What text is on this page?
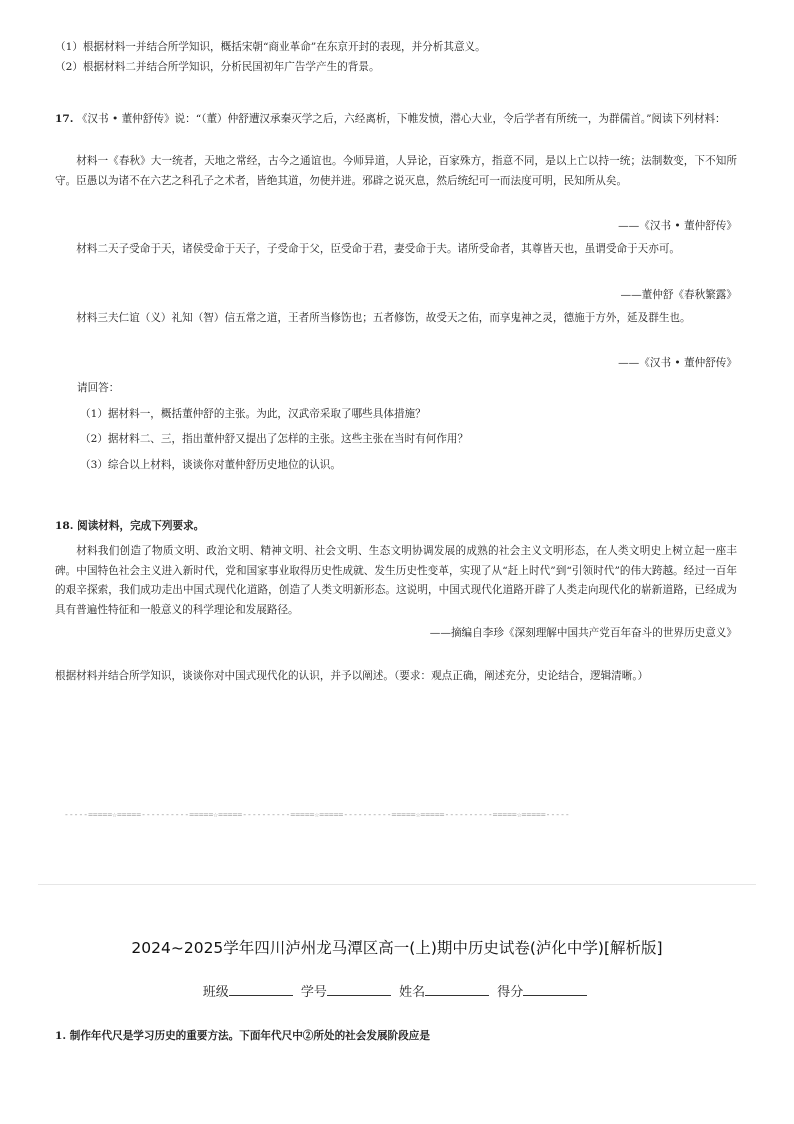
（1）根据材料一并结合所学知识，概括宋朝“商业革命”在东京开封的表现，并分析其意义。
（2）根据材料二并结合所学知识，分析民国初年广告学产生的背景。
17. 《汉书 • 董仲舒传》说：“（董）仲舒遭汉承秦灭学之后，六经离析，下帷发愤，潜心大业，令后学者有所统一，为群儒首。”阅读下列材料：
材料一《春秋》大一统者，天地之常经，古今之通谊也。今师异道，人异论，百家殊方，指意不同，是以上亡以持一统；法制数变，下不知所守。臣愚以为诸不在六艺之科孔子之术者，皆绝其道，勿使并进。邪辟之说灭息，然后统纪可一而法度可明，民知所从矣。
——《汉书 • 董仲舒传》
材料二天子受命于天，诸侯受命于天子，子受命于父，臣受命于君，妻受命于夫。诸所受命者，其尊皆天也，虽谓受命于天亦可。
——董仲舒《春秋繁露》
材料三夫仁谊（义）礼知（智）信五常之道，王者所当修饬也；五者修饬，故受天之佑，而享鬼神之灵，德施于方外，延及群生也。
——《汉书 • 董仲舒传》
请回答：
（1）据材料一，概括董仲舒的主张。为此，汉武帝采取了哪些具体措施？
（2）据材料二、三，指出董仲舒又提出了怎样的主张。这些主张在当时有何作用？
（3）综合以上材料，谈谈你对董仲舒历史地位的认识。
18. 阅读材料，完成下列要求。
材料我们创造了物质文明、政治文明、精神文明、社会文明、生态文明协调发展的成熟的社会主义文明形态，在人类文明史上树立起一座丰碑。中国特色社会主义进入新时代，党和国家事业取得历史性成就、发生历史性变革，实现了从“赶上时代”到“引领时代”的伟大跨越。经过一百年的艰辛探索，我们成功走出中国式现代化道路，创造了人类文明新形态。这说明，中国式现代化道路开辟了人类走向现代化的崭新道路，已经成为具有普遍性特征和一般意义的科学理论和发展路径。
——摘编自李珍《深刻理解中国共产党百年奋斗的世界历史意义》
根据材料并结合所学知识，谈谈你对中国式现代化的认识，并予以阐述。（要求：观点正确，阐述充分，史论结合，逻辑清晰。）
-----=====☆=====----------=====☆=====----------=====☆=====----------=====☆=====----------=====☆=====-----
2024~2025学年四川泸州龙马潭区高一(上)期中历史试卷(泸化中学)[解析版]
班级	学号	姓名	得分
1. 制作年代尺是学习历史的重要方法。下面年代尺中②所处的社会发展阶段应是
